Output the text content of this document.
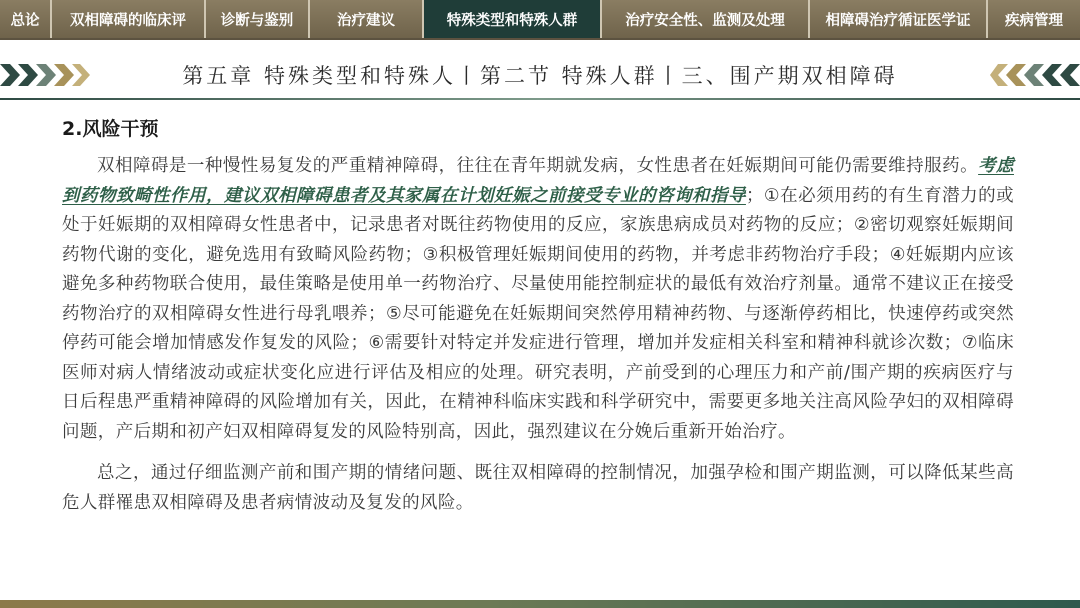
总论	双相障碍的临床评	诊断与鉴别	治疗建议	特殊类型和特殊人群	治疗安全性、监测及处理	相障碍治疗循证医学证	疾病管理
第五章 特殊类型和特殊人丨第二节 特殊人群丨三、围产期双相障碍
2.风险干预

双相障碍是一种慢性易复发的严重精神障碍，往往在青年期就发病，女性患者在妊娠期间可能仍需要维持服药。考虑到药物致畸性作用，建议双相障碍患者及其家属在计划妊娠之前接受专业的咨询和指导；①在必须用药的有生育潜力的或处于妊娠期的双相障碍女性患者中，记录患者对既往药物使用的反应，家族患病成员对药物的反应；②密切观察妊娠期间药物代谢的变化，避免选用有致畸风险药物；③积极管理妊娠期间使用的药物，并考虑非药物治疗手段；④妊娠期内应该避免多种药物联合使用，最佳策略是使用单一药物治疗、尽量使用能控制症状的最低有效治疗剂量。通常不建议正在接受药物治疗的双相障碍女性进行母乳喂养；⑤尽可能避免在妊娠期间突然停用精神药物、与逐渐停药相比，快速停药或突然停药可能会增加情感发作复发的风险；⑥需要针对特定并发症进行管理，增加并发症相关科室和精神科就诊次数；⑦临床医师对病人情绪波动或症状变化应进行评估及相应的处理。研究表明，产前受到的心理压力和产前/围产期的疾病医疗与日后程患严重精神障碍的风险增加有关，因此，在精神科临床实践和科学研究中，需要更多地关注高风险孕妇的双相障碍问题，产后期和初产妇双相障碍复发的风险特别高，因此，强烈建议在分娩后重新开始治疗。

总之，通过仔细监测产前和围产期的情绪问题、既往双相障碍的控制情况，加强孕检和围产期监测，可以降低某些高危人群罹患双相障碍及患者病情波动及复发的风险。
